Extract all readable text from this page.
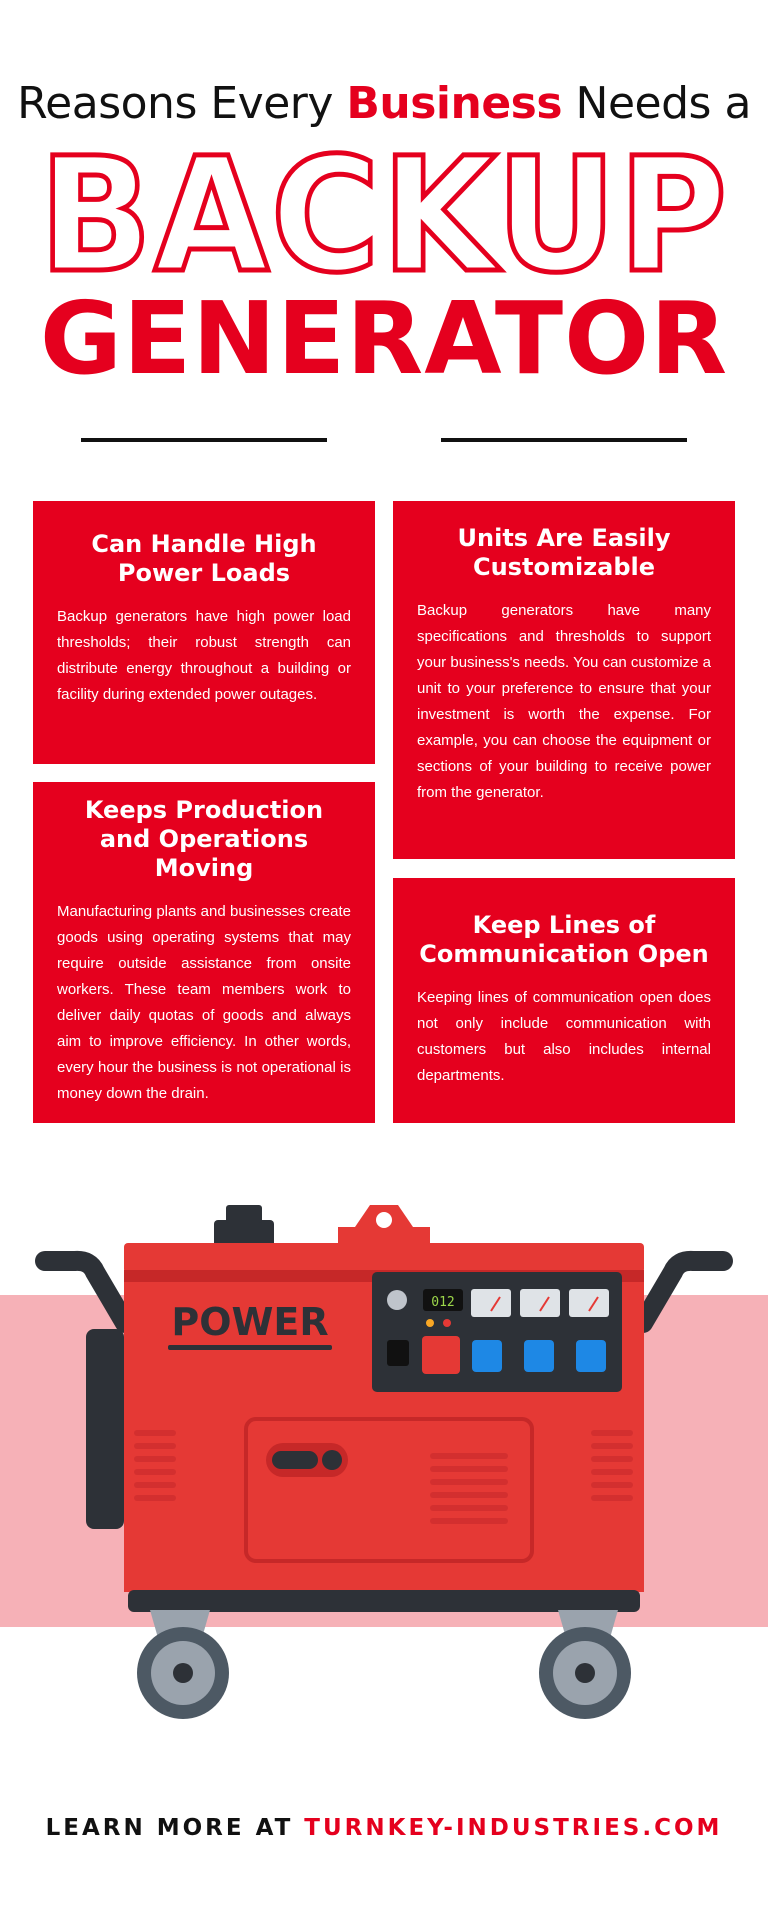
Reasons Every Business Needs a
BACKUP
GENERATOR
Can Handle High Power Loads

Backup generators have high power load thresholds; their robust strength can distribute energy throughout a building or facility during extended power outages.

Units Are Easily Customizable

Backup generators have many specifications and thresholds to support your business's needs. You can customize a unit to your preference to ensure that your investment is worth the expense. For example, you can choose the equipment or sections of your building to receive power from the generator.

Keeps Production and Operations Moving

Manufacturing plants and businesses create goods using operating systems that may require outside assistance from onsite workers. These team members work to deliver daily quotas of goods and always aim to improve efficiency. In other words, every hour the business is not operational is money down the drain.

Keep Lines of Communication Open

Keeping lines of communication open does not only include communication with customers but also includes internal departments.

POWER	012
LEARN MORE AT TURNKEY-INDUSTRIES.COM
